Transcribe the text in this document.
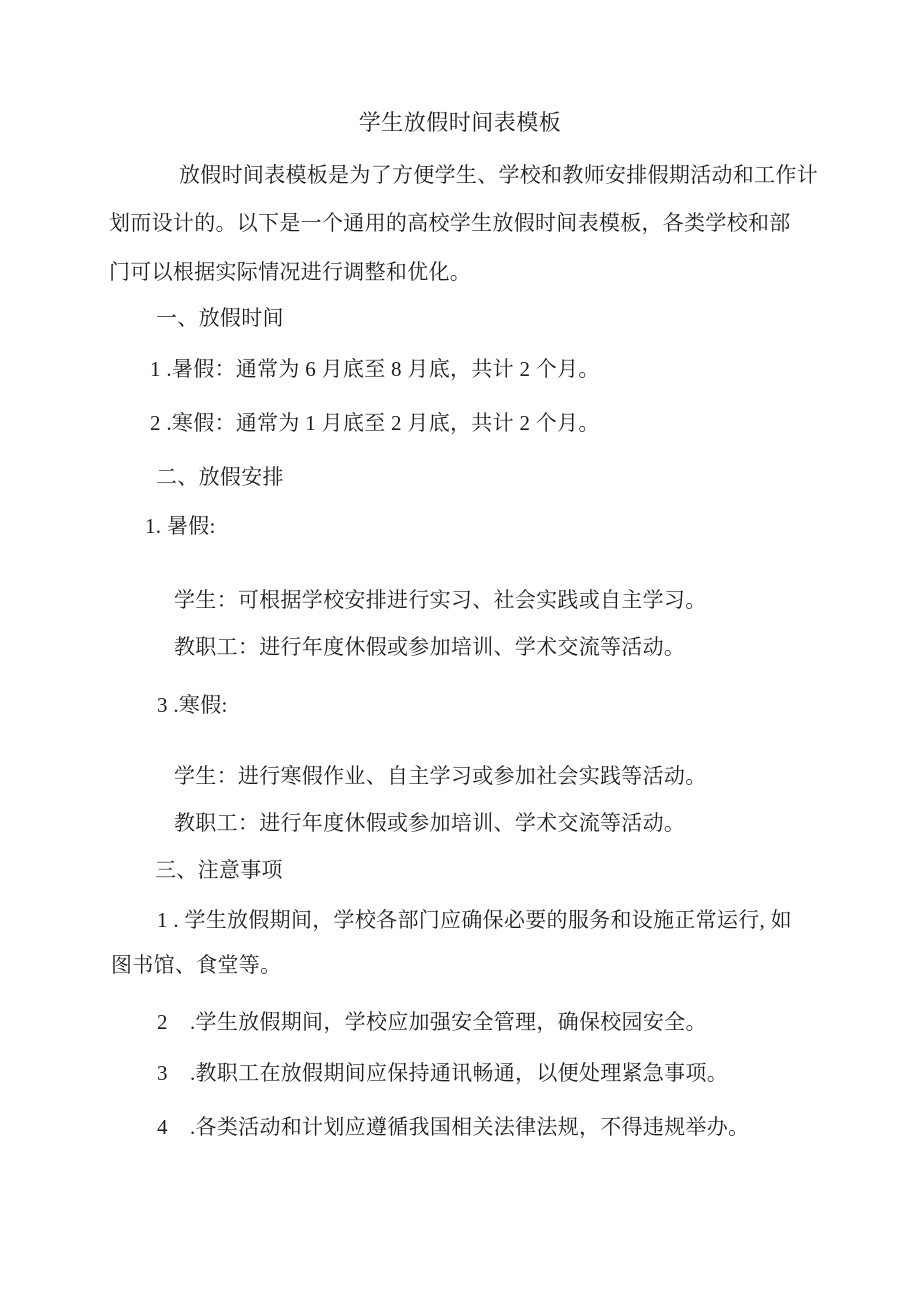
学生放假时间表模板
放假时间表模板是为了方便学生、学校和教师安排假期活动和工作计
划而设计的。以下是一个通用的高校学生放假时间表模板，各类学校和部
门可以根据实际情况进行调整和优化。
一、放假时间
1 .暑假：通常为 6 月底至 8 月底，共计 2 个月。
2 .寒假：通常为 1 月底至 2 月底，共计 2 个月。
二、放假安排
1. 暑假:
学生：可根据学校安排进行实习、社会实践或自主学习。
教职工：进行年度休假或参加培训、学术交流等活动。
3 .寒假:
学生：进行寒假作业、自主学习或参加社会实践等活动。
教职工：进行年度休假或参加培训、学术交流等活动。
三、注意事项
1 . 学生放假期间，学校各部门应确保必要的服务和设施正常运行, 如
图书馆、食堂等。
2    .学生放假期间，学校应加强安全管理，确保校园安全。
3    .教职工在放假期间应保持通讯畅通，以便处理紧急事项。
4    .各类活动和计划应遵循我国相关法律法规，不得违规举办。
